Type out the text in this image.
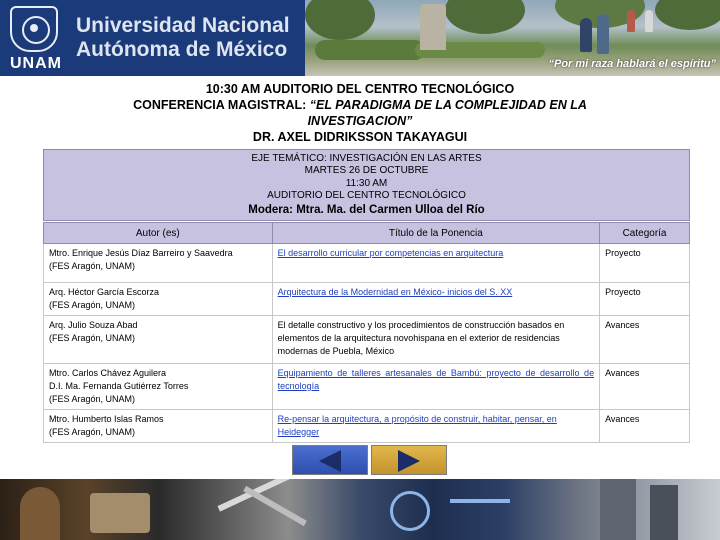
UNAM
Universidad Nacional
Autónoma de México
“Por mi raza hablará el espíritu”
10:30 AM AUDITORIO DEL CENTRO TECNOLÓGICO
CONFERENCIA MAGISTRAL: “EL PARADIGMA DE LA COMPLEJIDAD EN LA INVESTIGACION”
DR. AXEL DIDRIKSSON TAKAYAGUI
EJE TEMÁTICO: INVESTIGACIÓN EN LAS ARTES
MARTES 26 DE OCTUBRE
11:30 AM
AUDITORIO DEL CENTRO TECNOLÓGICO
Modera: Mtra. Ma. del Carmen Ulloa del Río
Autor (es)	Título de la Ponencia	Categoría

Mtro. Enrique Jesús Díaz Barreiro y Saavedra
(FES Aragón, UNAM)	El desarrollo curricular por competencias en arquitectura	Proyecto

Arq. Héctor García Escorza
(FES Aragón, UNAM)	Arquitectura de la Modernidad en México- inicios del S. XX	Proyecto

Arq. Julio Souza Abad
(FES Aragón, UNAM)	El detalle constructivo y los procedimientos de construcción basados en elementos de la arquitectura novohispana en el exterior de residencias modernas de Puebla, México	Avances

Mtro. Carlos Chávez Aguilera
D.I. Ma. Fernanda Gutiérrez Torres
(FES Aragón, UNAM)	Equipamiento de talleres artesanales de Bambú: proyecto de desarrollo de tecnología	Avances

Mtro. Humberto Islas Ramos
(FES Aragón, UNAM)	Re-pensar la arquitectura, a propósito de construir, habitar, pensar, en Heidegger	Avances
